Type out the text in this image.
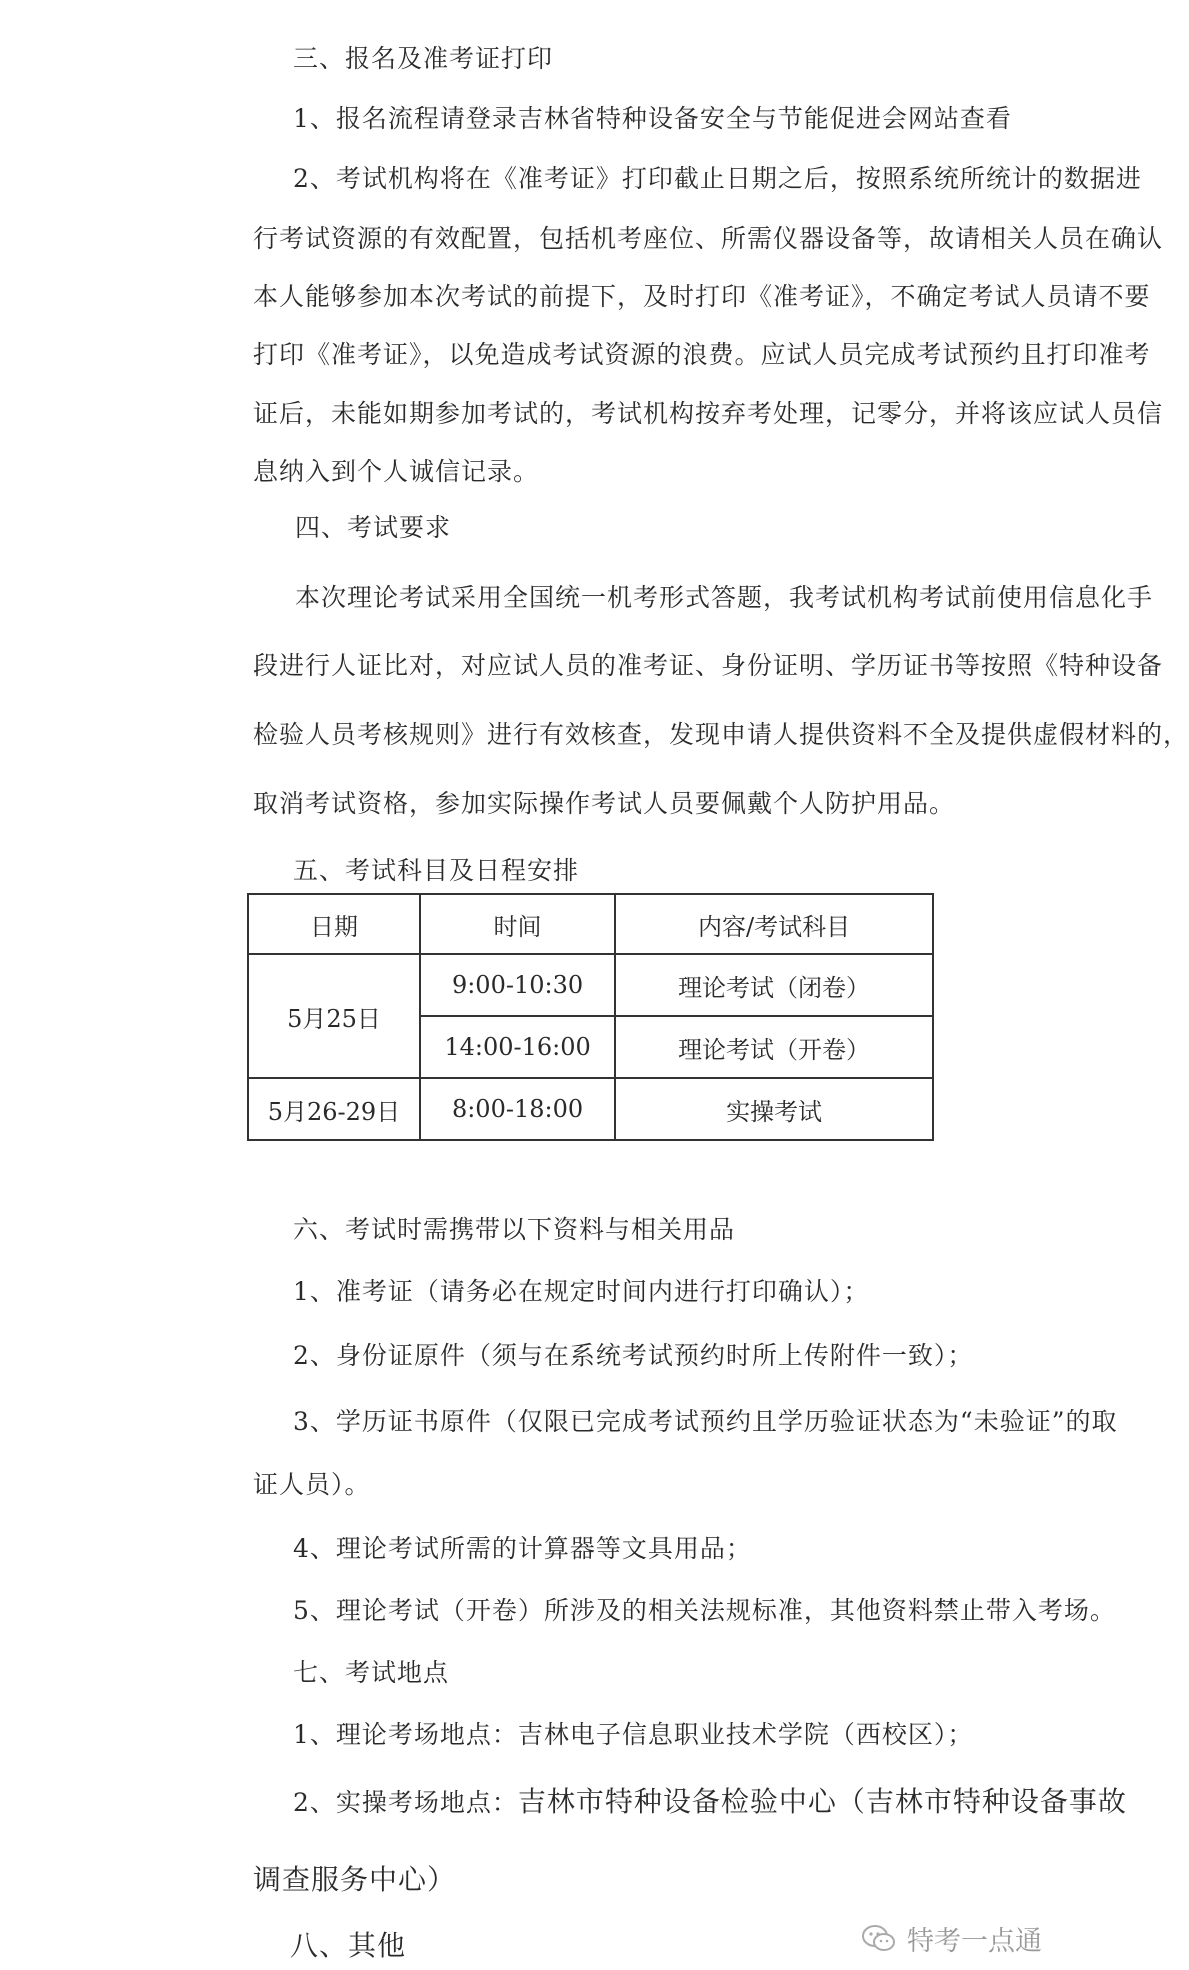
三、报名及准考证打印
1、报名流程请登录吉林省特种设备安全与节能促进会网站查看
2、考试机构将在《准考证》打印截止日期之后，按照系统所统计的数据进
行考试资源的有效配置，包括机考座位、所需仪器设备等，故请相关人员在确认
本人能够参加本次考试的前提下，及时打印《准考证》，不确定考试人员请不要
打印《准考证》，以免造成考试资源的浪费。应试人员完成考试预约且打印准考
证后，未能如期参加考试的，考试机构按弃考处理，记零分，并将该应试人员信
息纳入到个人诚信记录。
四、考试要求
本次理论考试采用全国统一机考形式答题，我考试机构考试前使用信息化手
段进行人证比对，对应试人员的准考证、身份证明、学历证书等按照《特种设备
检验人员考核规则》进行有效核查，发现申请人提供资料不全及提供虚假材料的，
取消考试资格，参加实际操作考试人员要佩戴个人防护用品。
五、考试科目及日程安排
日期	时间	内容/考试科目
5月25日	9:00-10:30	理论考试（闭卷）
	14:00-16:00	理论考试（开卷）
5月26-29日	8:00-18:00	实操考试
六、考试时需携带以下资料与相关用品
1、准考证（请务必在规定时间内进行打印确认）；
2、身份证原件（须与在系统考试预约时所上传附件一致）；
3、学历证书原件（仅限已完成考试预约且学历验证状态为“未验证”的取
证人员）。
4、理论考试所需的计算器等文具用品；
5、理论考试（开卷）所涉及的相关法规标准，其他资料禁止带入考场。
七、考试地点
1、理论考场地点：吉林电子信息职业技术学院（西校区）；
2、实操考场地点：吉林市特种设备检验中心（吉林市特种设备事故
调查服务中心）
八、其他	特考一点通
